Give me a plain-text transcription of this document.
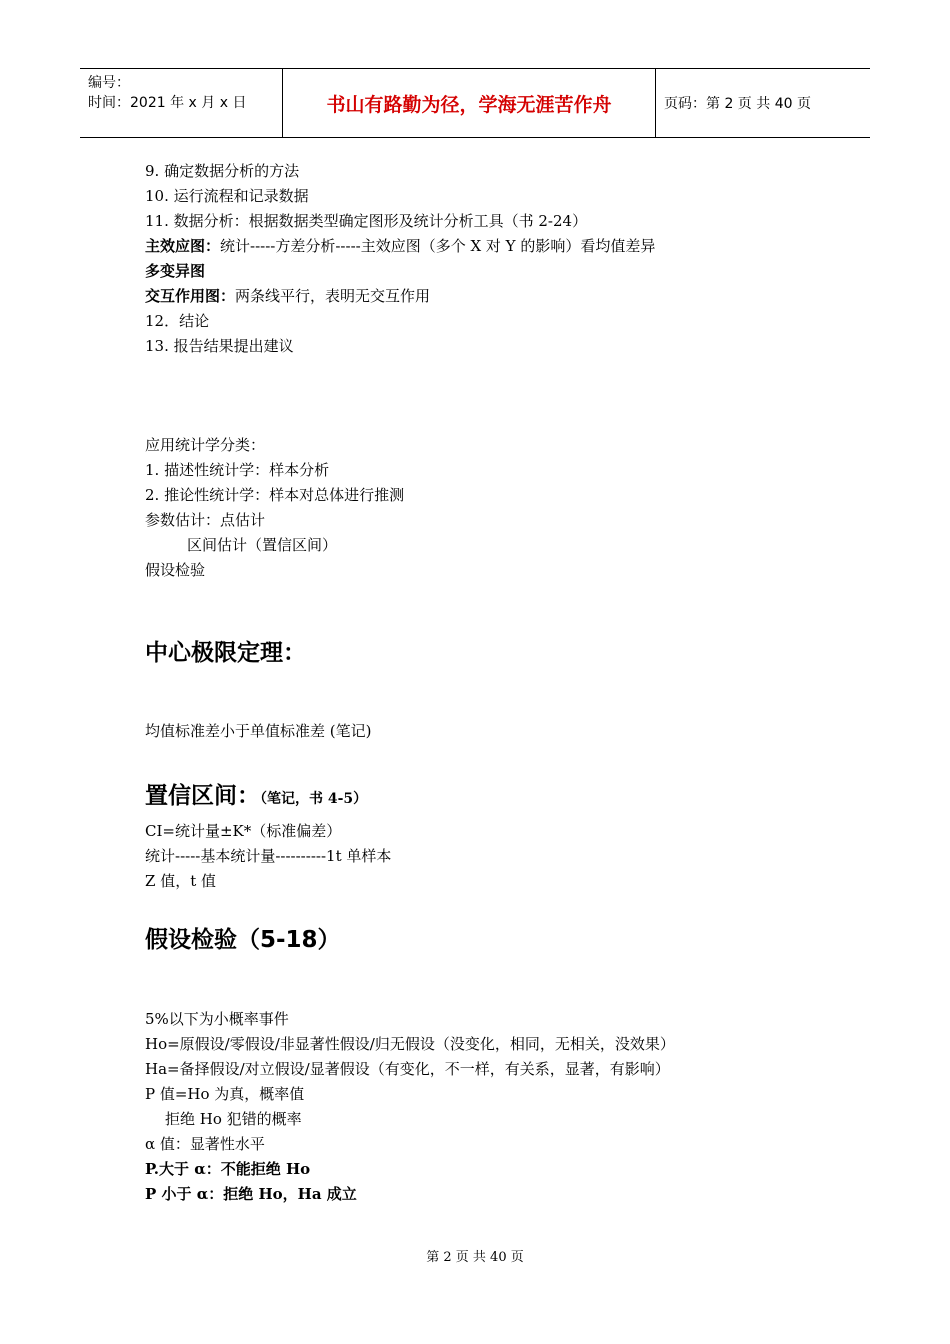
编号：
时间：2021 年 x 月 x 日	书山有路勤为径，学海无涯苦作舟	页码：第 2 页 共 40 页
9. 确定数据分析的方法
10. 运行流程和记录数据
11. 数据分析：根据数据类型确定图形及统计分析工具（书 2-24）
主效应图：统计-----方差分析-----主效应图（多个 X 对 Y 的影响）看均值差异
多变异图
交互作用图：两条线平行，表明无交互作用
12．结论
13. 报告结果提出建议
应用统计学分类：
1. 描述性统计学：样本分析
2. 推论性统计学：样本对总体进行推测
参数估计：点估计
区间估计（置信区间）
假设检验
中心极限定理：
均值标准差小于单值标准差 (笔记)
置信区间：（笔记，书 4-5）
CI=统计量±K*（标准偏差）
统计-----基本统计量----------1t 单样本
Z 值，t 值
假设检验（5-18）
5%以下为小概率事件
Ho=原假设/零假设/非显著性假设/归无假设（没变化，相同，无相关，没效果）
Ha=备择假设/对立假设/显著假设（有变化，不一样，有关系，显著，有影响）
P 值=Ho 为真，概率值
拒绝 Ho 犯错的概率
α 值：显著性水平
P.大于 α：不能拒绝 Ho
P 小于 α：拒绝 Ho，Ha 成立
第 2 页 共 40 页
